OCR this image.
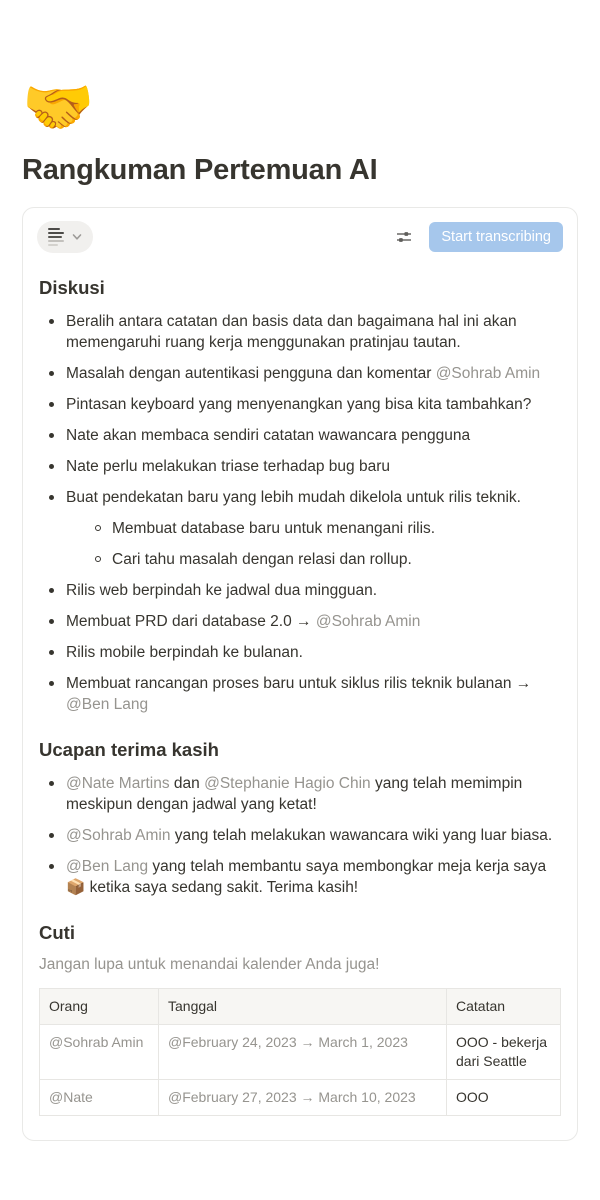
🤝
Rangkuman Pertemuan AI
Start transcribing
Diskusi
Beralih antara catatan dan basis data dan bagaimana hal ini akan memengaruhi ruang kerja menggunakan pratinjau tautan.
Masalah dengan autentikasi pengguna dan komentar @Sohrab Amin
Pintasan keyboard yang menyenangkan yang bisa kita tambahkan?
Nate akan membaca sendiri catatan wawancara pengguna
Nate perlu melakukan triase terhadap bug baru
Buat pendekatan baru yang lebih mudah dikelola untuk rilis teknik.
Membuat database baru untuk menangani rilis.
Cari tahu masalah dengan relasi dan rollup.
Rilis web berpindah ke jadwal dua mingguan.
Membuat PRD dari database 2.0 → @Sohrab Amin
Rilis mobile berpindah ke bulanan.
Membuat rancangan proses baru untuk siklus rilis teknik bulanan → @Ben Lang
Ucapan terima kasih
@Nate Martins dan @Stephanie Hagio Chin yang telah memimpin meskipun dengan jadwal yang ketat!
@Sohrab Amin yang telah melakukan wawancara wiki yang luar biasa.
@Ben Lang yang telah membantu saya membongkar meja kerja saya 📦 ketika saya sedang sakit. Terima kasih!
Cuti

Jangan lupa untuk menandai kalender Anda juga!

Orang	Tanggal	Catatan
@Sohrab Amin	@February 24, 2023 → March 1, 2023	OOO - bekerja dari Seattle
@Nate	@February 27, 2023 → March 10, 2023	OOO
